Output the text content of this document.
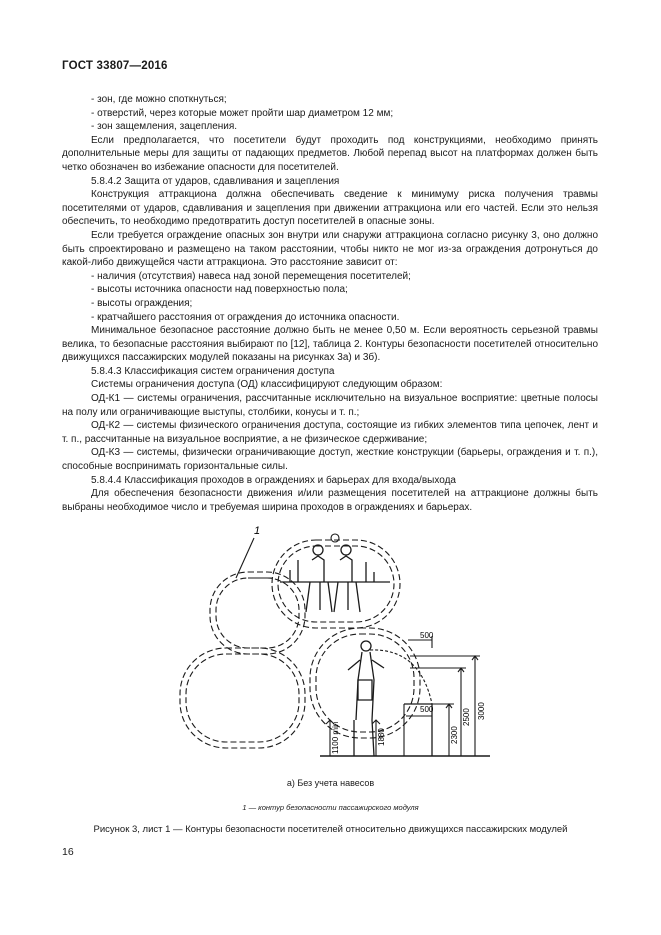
ГОСТ 33807—2016

- зон, где можно споткнуться;

- отверстий, через которые может пройти шар диаметром 12 мм;

- зон защемления, зацепления.

Если предполагается, что посетители будут проходить под конструкциями, необходимо принять дополнительные меры для защиты от падающих предметов. Любой перепад высот на платформах должен быть четко обозначен во избежание опасности для посетителей.

5.8.4.2 Защита от ударов, сдавливания и зацепления

Конструкция аттракциона должна обеспечивать сведение к минимуму риска получения травмы посетителями от ударов, сдавливания и зацепления при движении аттракциона или его частей. Если это нельзя обеспечить, то необходимо предотвратить доступ посетителей в опасные зоны.

Если требуется ограждение опасных зон внутри или снаружи аттракциона согласно рисунку 3, оно должно быть спроектировано и размещено на таком расстоянии, чтобы никто не мог из-за ограждения дотронуться до какой-либо движущейся части аттракциона. Это расстояние зависит от:

- наличия (отсутствия) навеса над зоной перемещения посетителей;

- высоты источника опасности над поверхностью пола;

- высоты ограждения;

- кратчайшего расстояния от ограждения до источника опасности.

Минимальное безопасное расстояние должно быть не менее 0,50 м. Если вероятность серьезной травмы велика, то безопасные расстояния выбирают по [12], таблица 2. Контуры безопасности посетителей относительно движущихся пассажирских модулей показаны на рисунках 3а) и 3б).

5.8.4.3 Классификация систем ограничения доступа

Системы ограничения доступа (ОД) классифицируют следующим образом:

ОД-К1 — системы ограничения, рассчитанные исключительно на визуальное восприятие: цветные полосы на полу или ограничивающие выступы, столбики, конусы и т. п.;

ОД-К2 — системы физического ограничения доступа, состоящие из гибких элементов типа цепочек, лент и т. п., рассчитанные на визуальное восприятие, а не физическое сдерживание;

ОД-К3 — системы, физически ограничивающие доступ, жесткие конструкции (барьеры, ограждения и т. п.), способные воспринимать горизонтальные силы.

5.8.4.4 Классификация проходов в ограждениях и барьерах для входа/выхода

Для обеспечения безопасности движения и/или размещения посетителей на аттракционе должны быть выбраны необходимое число и требуемая ширина проходов в ограждениях и барьерах.

1
500
500	3000
2500
2300
1880
1100 min
а) Без учета навесов
1 — контур безопасности пассажирского модуля
Рисунок 3, лист 1 — Контуры безопасности посетителей относительно движущихся пассажирских модулей
16
